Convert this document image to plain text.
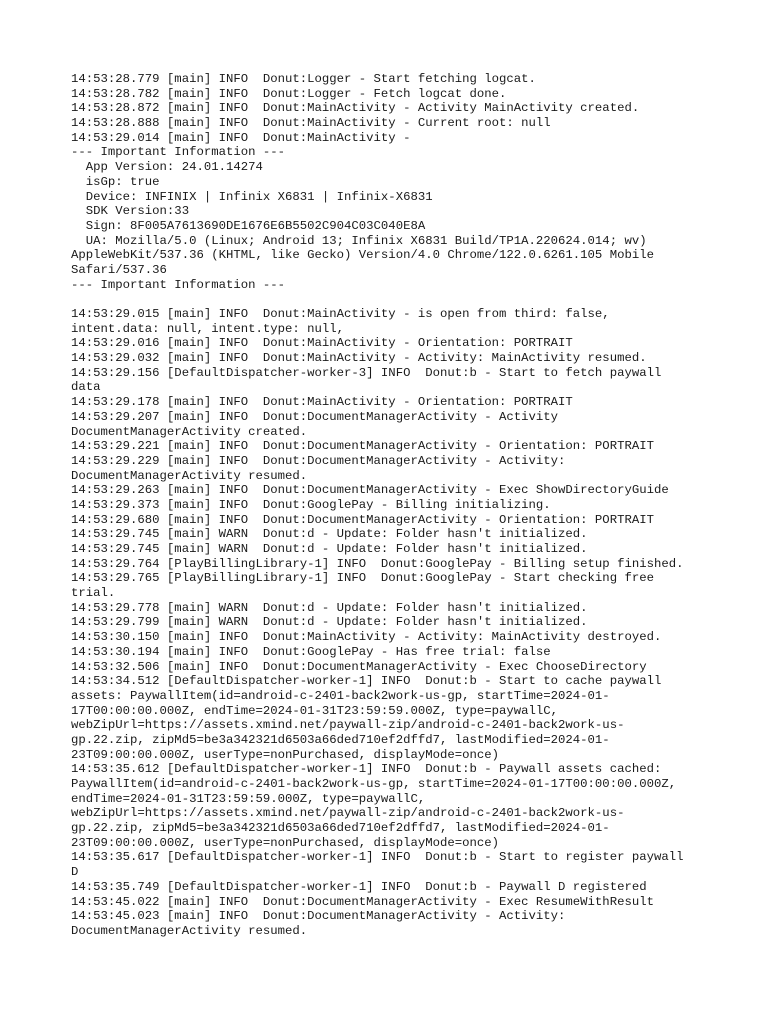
14:53:28.779 [main] INFO  Donut:Logger - Start fetching logcat.
14:53:28.782 [main] INFO  Donut:Logger - Fetch logcat done.
14:53:28.872 [main] INFO  Donut:MainActivity - Activity MainActivity created.
14:53:28.888 [main] INFO  Donut:MainActivity - Current root: null
14:53:29.014 [main] INFO  Donut:MainActivity -
--- Important Information ---
App Version: 24.01.14274
isGp: true
Device: INFINIX | Infinix X6831 | Infinix-X6831
SDK Version:33
Sign: 8F005A7613690DE1676E6B5502C904C03C040E8A
UA: Mozilla/5.0 (Linux; Android 13; Infinix X6831 Build/TP1A.220624.014; wv)
AppleWebKit/537.36 (KHTML, like Gecko) Version/4.0 Chrome/122.0.6261.105 Mobile
Safari/537.36
--- Important Information ---
14:53:29.015 [main] INFO  Donut:MainActivity - is open from third: false,
intent.data: null, intent.type: null,
14:53:29.016 [main] INFO  Donut:MainActivity - Orientation: PORTRAIT
14:53:29.032 [main] INFO  Donut:MainActivity - Activity: MainActivity resumed.
14:53:29.156 [DefaultDispatcher-worker-3] INFO  Donut:b - Start to fetch paywall
data
14:53:29.178 [main] INFO  Donut:MainActivity - Orientation: PORTRAIT
14:53:29.207 [main] INFO  Donut:DocumentManagerActivity - Activity
DocumentManagerActivity created.
14:53:29.221 [main] INFO  Donut:DocumentManagerActivity - Orientation: PORTRAIT
14:53:29.229 [main] INFO  Donut:DocumentManagerActivity - Activity:
DocumentManagerActivity resumed.
14:53:29.263 [main] INFO  Donut:DocumentManagerActivity - Exec ShowDirectoryGuide
14:53:29.373 [main] INFO  Donut:GooglePay - Billing initializing.
14:53:29.680 [main] INFO  Donut:DocumentManagerActivity - Orientation: PORTRAIT
14:53:29.745 [main] WARN  Donut:d - Update: Folder hasn't initialized.
14:53:29.745 [main] WARN  Donut:d - Update: Folder hasn't initialized.
14:53:29.764 [PlayBillingLibrary-1] INFO  Donut:GooglePay - Billing setup finished.
14:53:29.765 [PlayBillingLibrary-1] INFO  Donut:GooglePay - Start checking free
trial.
14:53:29.778 [main] WARN  Donut:d - Update: Folder hasn't initialized.
14:53:29.799 [main] WARN  Donut:d - Update: Folder hasn't initialized.
14:53:30.150 [main] INFO  Donut:MainActivity - Activity: MainActivity destroyed.
14:53:30.194 [main] INFO  Donut:GooglePay - Has free trial: false
14:53:32.506 [main] INFO  Donut:DocumentManagerActivity - Exec ChooseDirectory
14:53:34.512 [DefaultDispatcher-worker-1] INFO  Donut:b - Start to cache paywall
assets: PaywallItem(id=android-c-2401-back2work-us-gp, startTime=2024-01-
17T00:00:00.000Z, endTime=2024-01-31T23:59:59.000Z, type=paywallC,
webZipUrl=https://assets.xmind.net/paywall-zip/android-c-2401-back2work-us-
gp.22.zip, zipMd5=be3a342321d6503a66ded710ef2dffd7, lastModified=2024-01-
23T09:00:00.000Z, userType=nonPurchased, displayMode=once)
14:53:35.612 [DefaultDispatcher-worker-1] INFO  Donut:b - Paywall assets cached:
PaywallItem(id=android-c-2401-back2work-us-gp, startTime=2024-01-17T00:00:00.000Z,
endTime=2024-01-31T23:59:59.000Z, type=paywallC,
webZipUrl=https://assets.xmind.net/paywall-zip/android-c-2401-back2work-us-
gp.22.zip, zipMd5=be3a342321d6503a66ded710ef2dffd7, lastModified=2024-01-
23T09:00:00.000Z, userType=nonPurchased, displayMode=once)
14:53:35.617 [DefaultDispatcher-worker-1] INFO  Donut:b - Start to register paywall
D
14:53:35.749 [DefaultDispatcher-worker-1] INFO  Donut:b - Paywall D registered
14:53:45.022 [main] INFO  Donut:DocumentManagerActivity - Exec ResumeWithResult
14:53:45.023 [main] INFO  Donut:DocumentManagerActivity - Activity:
DocumentManagerActivity resumed.
